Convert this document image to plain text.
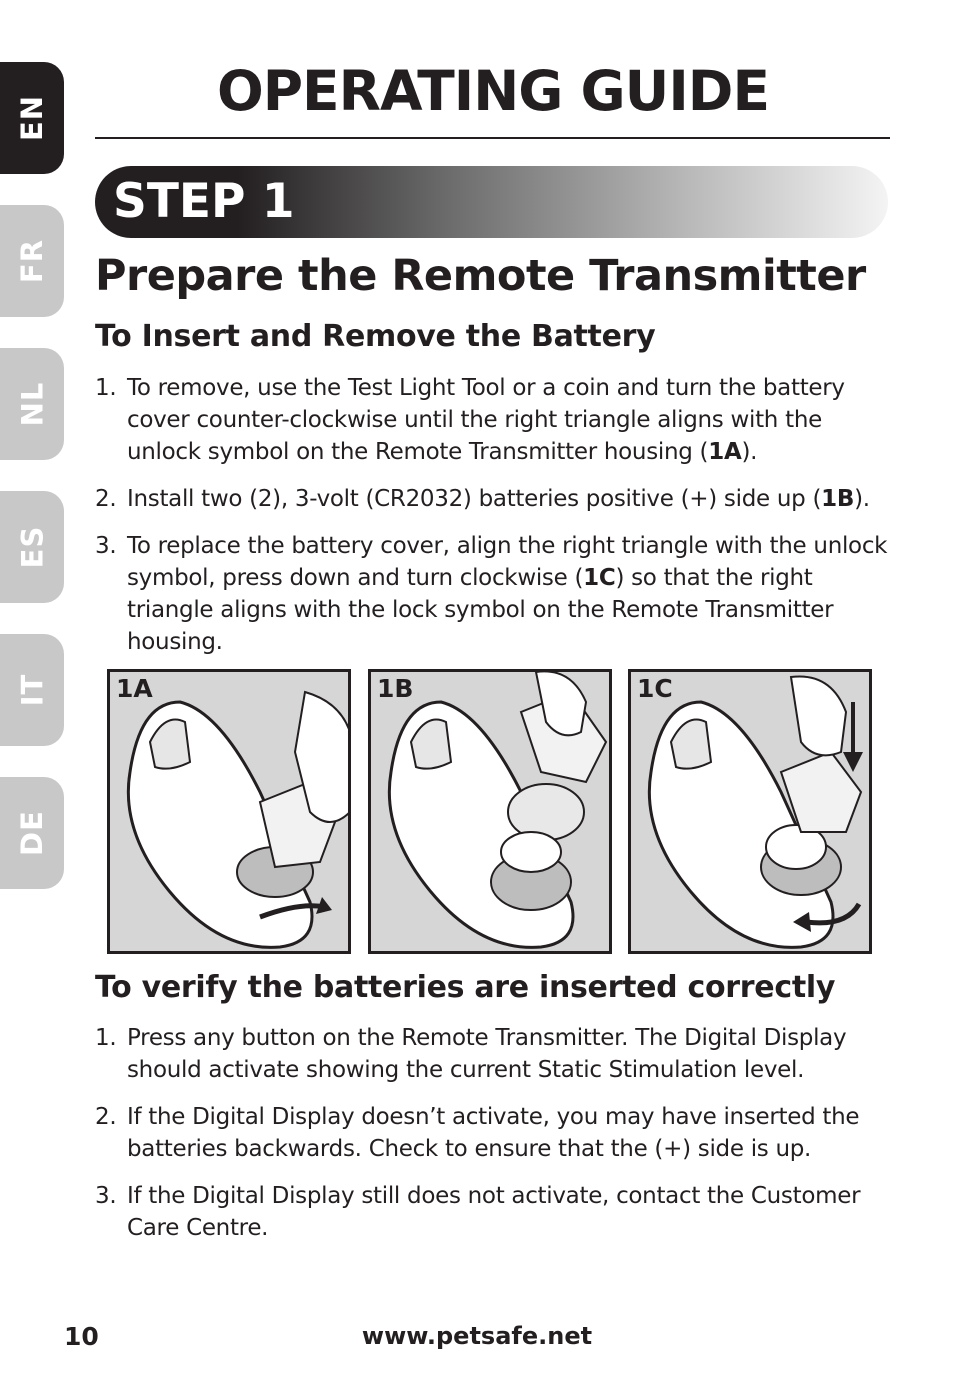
EN
FR
NL
ES
IT
DE
OPERATING GUIDE
STEP 1
Prepare the Remote Transmitter
To Insert and Remove the Battery
1. To remove, use the Test Light Tool or a coin and turn the battery cover counter-clockwise until the right triangle aligns with the unlock symbol on the Remote Transmitter housing (1A).
2. Install two (2), 3-volt (CR2032) batteries positive (+) side up (1B).
3. To replace the battery cover, align the right triangle with the unlock symbol, press down and turn clockwise (1C) so that the right triangle aligns with the lock symbol on the Remote Transmitter housing.
1A	1B	1C
To verify the batteries are inserted correctly
1. Press any button on the Remote Transmitter. The Digital Display should activate showing the current Static Stimulation level.
2. If the Digital Display doesn’t activate, you may have inserted the batteries backwards. Check to ensure that the (+) side is up.
3. If the Digital Display still does not activate, contact the Customer Care Centre.
10	www.petsafe.net
